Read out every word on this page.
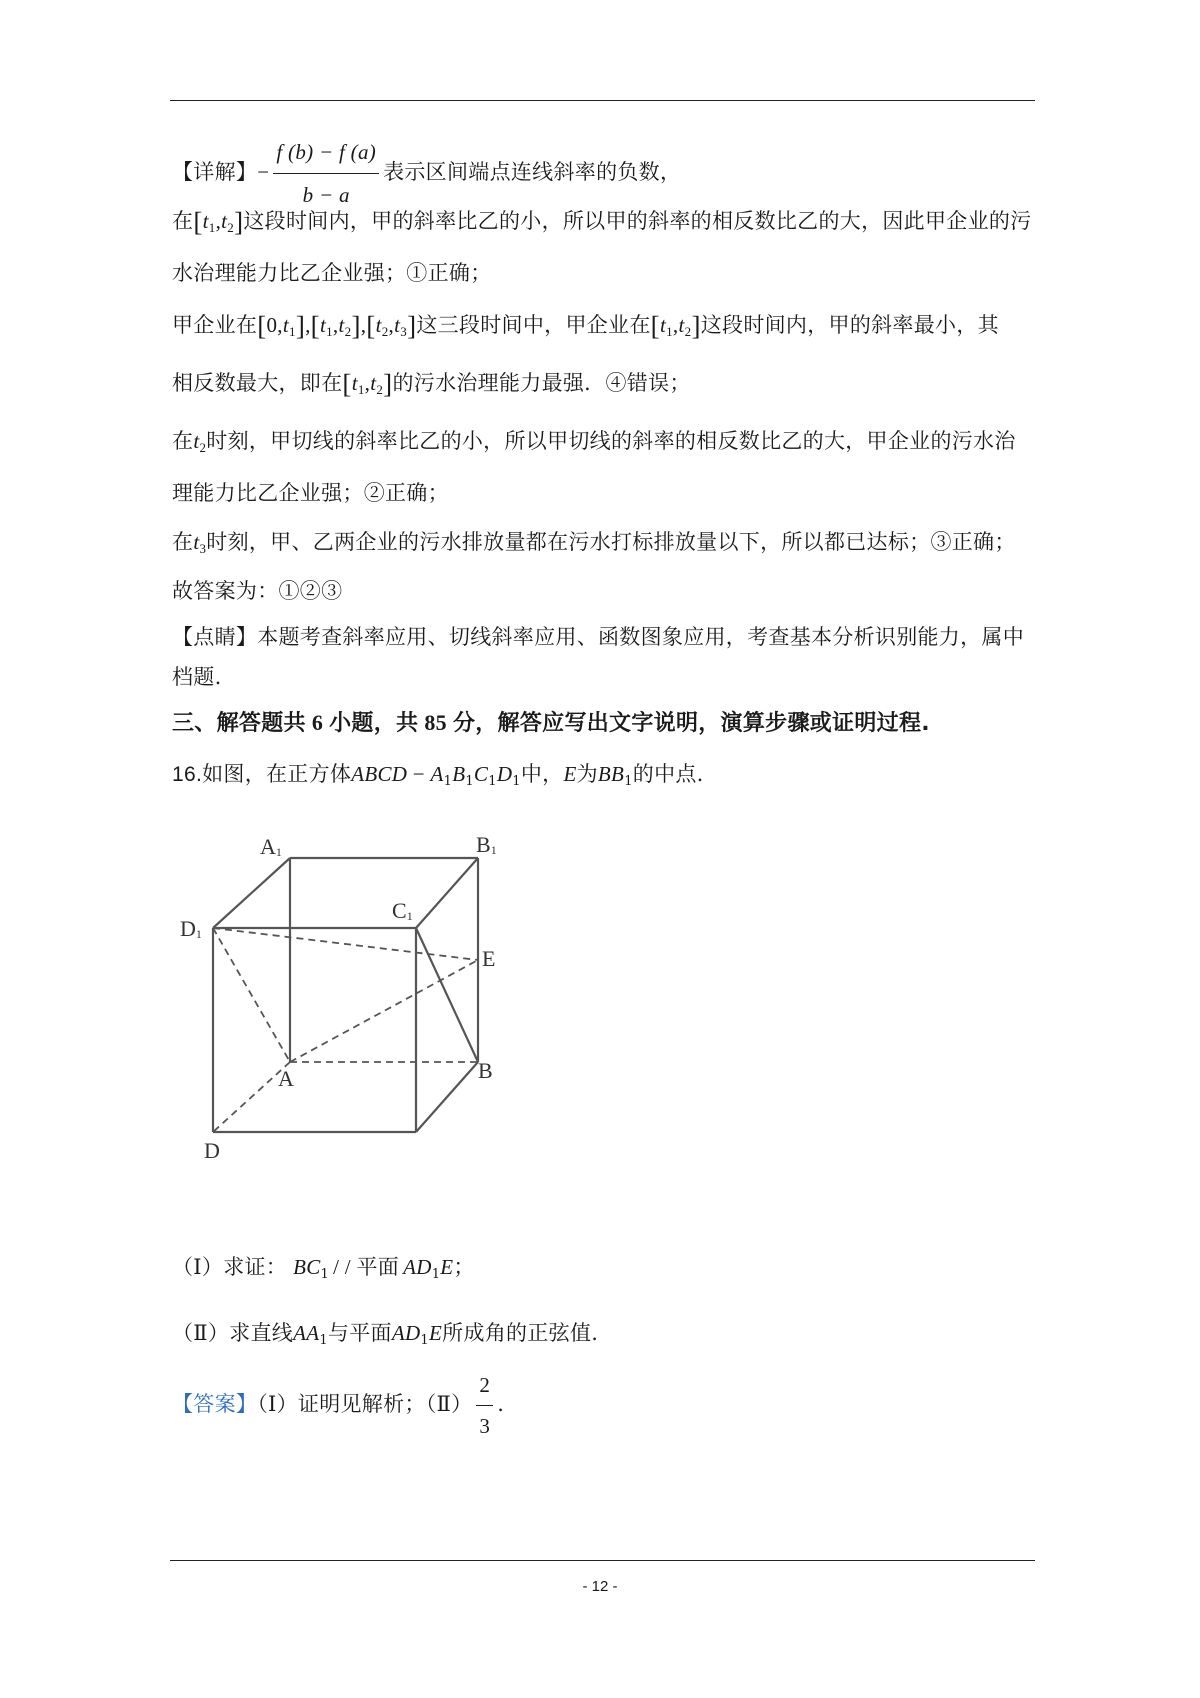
【详解】− $\frac{f (b) - f (a)}{b - a}$ 表示区间端点连线斜率的负数，
在$[t_1,t_2]$这段时间内，甲的斜率比乙的小，所以甲的斜率的相反数比乙的大，因此甲企业的污
水治理能力比乙企业强；①正确；
甲企业在$[0,t_1],[t_1,t_2],[t_2,t_3]$这三段时间中，甲企业在$[t_1,t_2]$这段时间内，甲的斜率最小，其
相反数最大，即在$[t_1,t_2]$的污水治理能力最强．④错误；
在$t_2$时刻，甲切线的斜率比乙的小，所以甲切线的斜率的相反数比乙的大，甲企业的污水治
理能力比乙企业强；②正确；
在$t_3$时刻，甲、乙两企业的污水排放量都在污水打标排放量以下，所以都已达标；③正确；
故答案为：①②③
【点睛】本题考查斜率应用、切线斜率应用、函数图象应用，考查基本分析识别能力，属中
档题.
三、解答题共 6 小题，共 85 分，解答应写出文字说明，演算步骤或证明过程.
16.如图，在正方体ABCD − $A_1B_1C_1D_1$中，E为$BB_1$的中点.
A1	B1
C1
D1
E
A	B
D
（Ⅰ）求证： $BC_1$ / / 平面 $AD_1E$；
（Ⅱ）求直线$AA_1$与平面$AD_1E$所成角的正弦值.
【答案】（Ⅰ）证明见解析；（Ⅱ） $\frac{2}{3}$ .
- 12 -
